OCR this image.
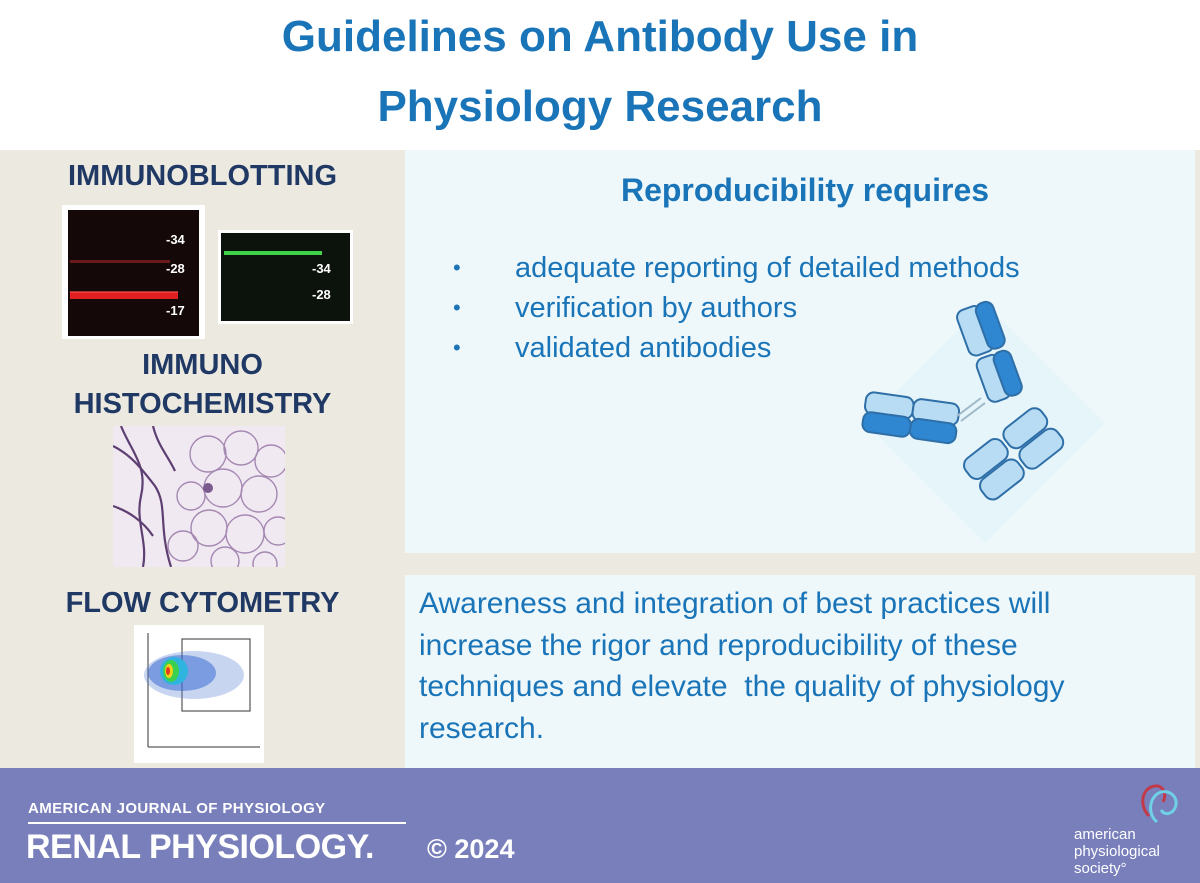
Guidelines on Antibody Use in
Physiology Research
IMMUNOBLOTTING
-34
-28
-17
-34
-28
IMMUNO
HISTOCHEMISTRY
FLOW CYTOMETRY
Reproducibility requires
• adequate reporting of detailed methods
• verification by authors
• validated antibodies
Awareness and integration of best practices will
increase the rigor and reproducibility of these
techniques and elevate  the quality of physiology
research.
AMERICAN JOURNAL OF PHYSIOLOGY
RENAL PHYSIOLOGY. © 2024	american
physiological
society°
